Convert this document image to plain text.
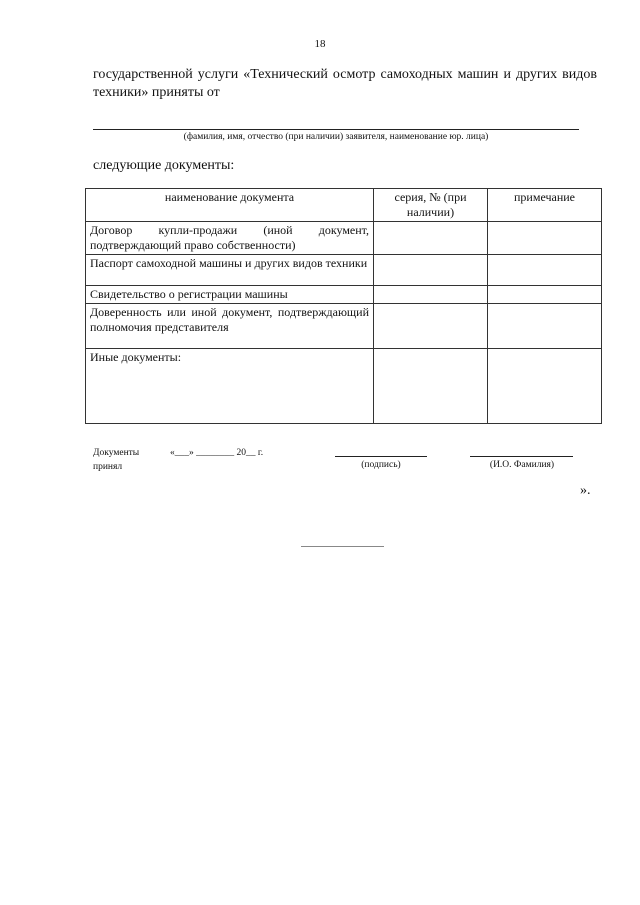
18

государственной услуги «Технический осмотр самоходных машин и других видов техники» приняты от

(фамилия, имя, отчество (при наличии) заявителя, наименование юр. лица)
следующие документы:
наименование документа	серия, № (при наличии)	примечание
Договор купли-продажи (иной документ, подтверждающий право собственности)		
Паспорт самоходной машины и других видов техники		
Свидетельство о регистрации машины		
Доверенность или иной документ, подтверждающий полномочия представителя		
Иные документы:		
Документы принял
«___» ________ 20__ г.
(подпись)	(И.О. Фамилия)
».
